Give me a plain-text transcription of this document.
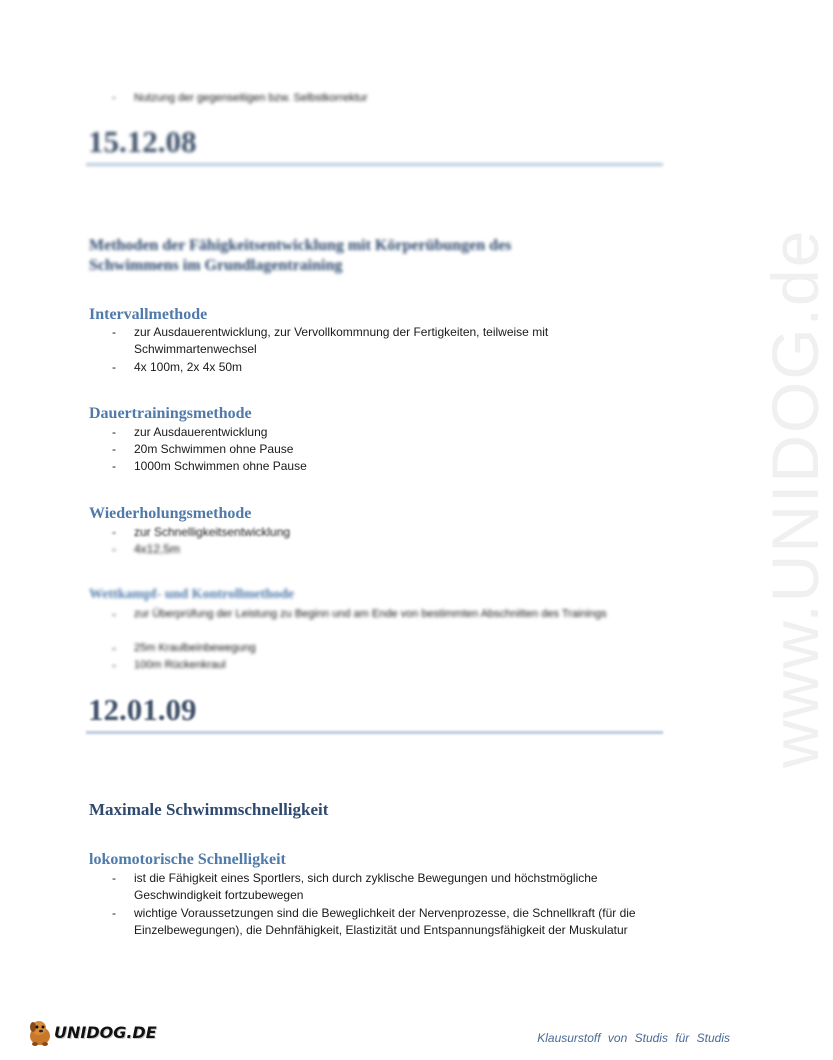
www.UNIDOG.de
- Nutzung der gegenseitigen bzw. Selbstkorrektur
15.12.08
Methoden der Fähigkeitsentwicklung mit Körperübungen des
Schwimmens im Grundlagentraining
Intervallmethode
- zur Ausdauerentwicklung, zur Vervollkommnung der Fertigkeiten, teilweise mit Schwimmartenwechsel
- 4x 100m, 2x 4x 50m
Dauertrainingsmethode
- zur Ausdauerentwicklung
- 20m Schwimmen ohne Pause
- 1000m Schwimmen ohne Pause
Wiederholungsmethode
- zur Schnelligkeitsentwicklung
- 4x12,5m
Wettkampf- und Kontrollmethode
- zur Überprüfung der Leistung zu Beginn und am Ende von bestimmten Abschnitten des Trainings
- 25m Kraulbeinbewegung
- 100m Rückenkraul
12.01.09
Maximale Schwimmschnelligkeit
lokomotorische Schnelligkeit
- ist die Fähigkeit eines Sportlers, sich durch zyklische Bewegungen und höchstmögliche Geschwindigkeit fortzubewegen
- wichtige Voraussetzungen sind die Beweglichkeit der Nervenprozesse, die Schnellkraft (für die Einzelbewegungen), die Dehnfähigkeit, Elastizität und Entspannungsfähigkeit der Muskulatur
UNIDOG.DE	Klausurstoff von Studis für Studis
